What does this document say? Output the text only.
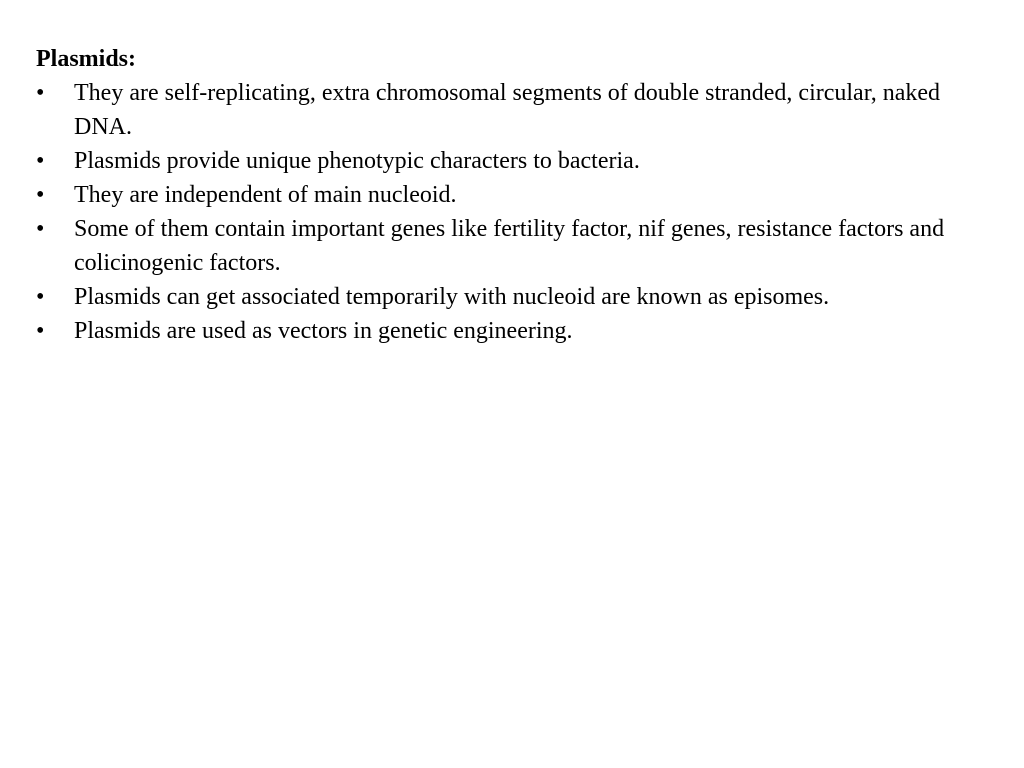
Plasmids:
•	They are self-replicating, extra chromosomal segments of double stranded, circular, naked DNA.
•	Plasmids provide unique phenotypic characters to bacteria.
•	They are independent of main nucleoid.
•	Some of them contain important genes like fertility factor, nif genes, resistance factors and colicinogenic factors.
•	Plasmids can get associated temporarily with nucleoid are known as episomes.
•	Plasmids are used as vectors in genetic engineering.
